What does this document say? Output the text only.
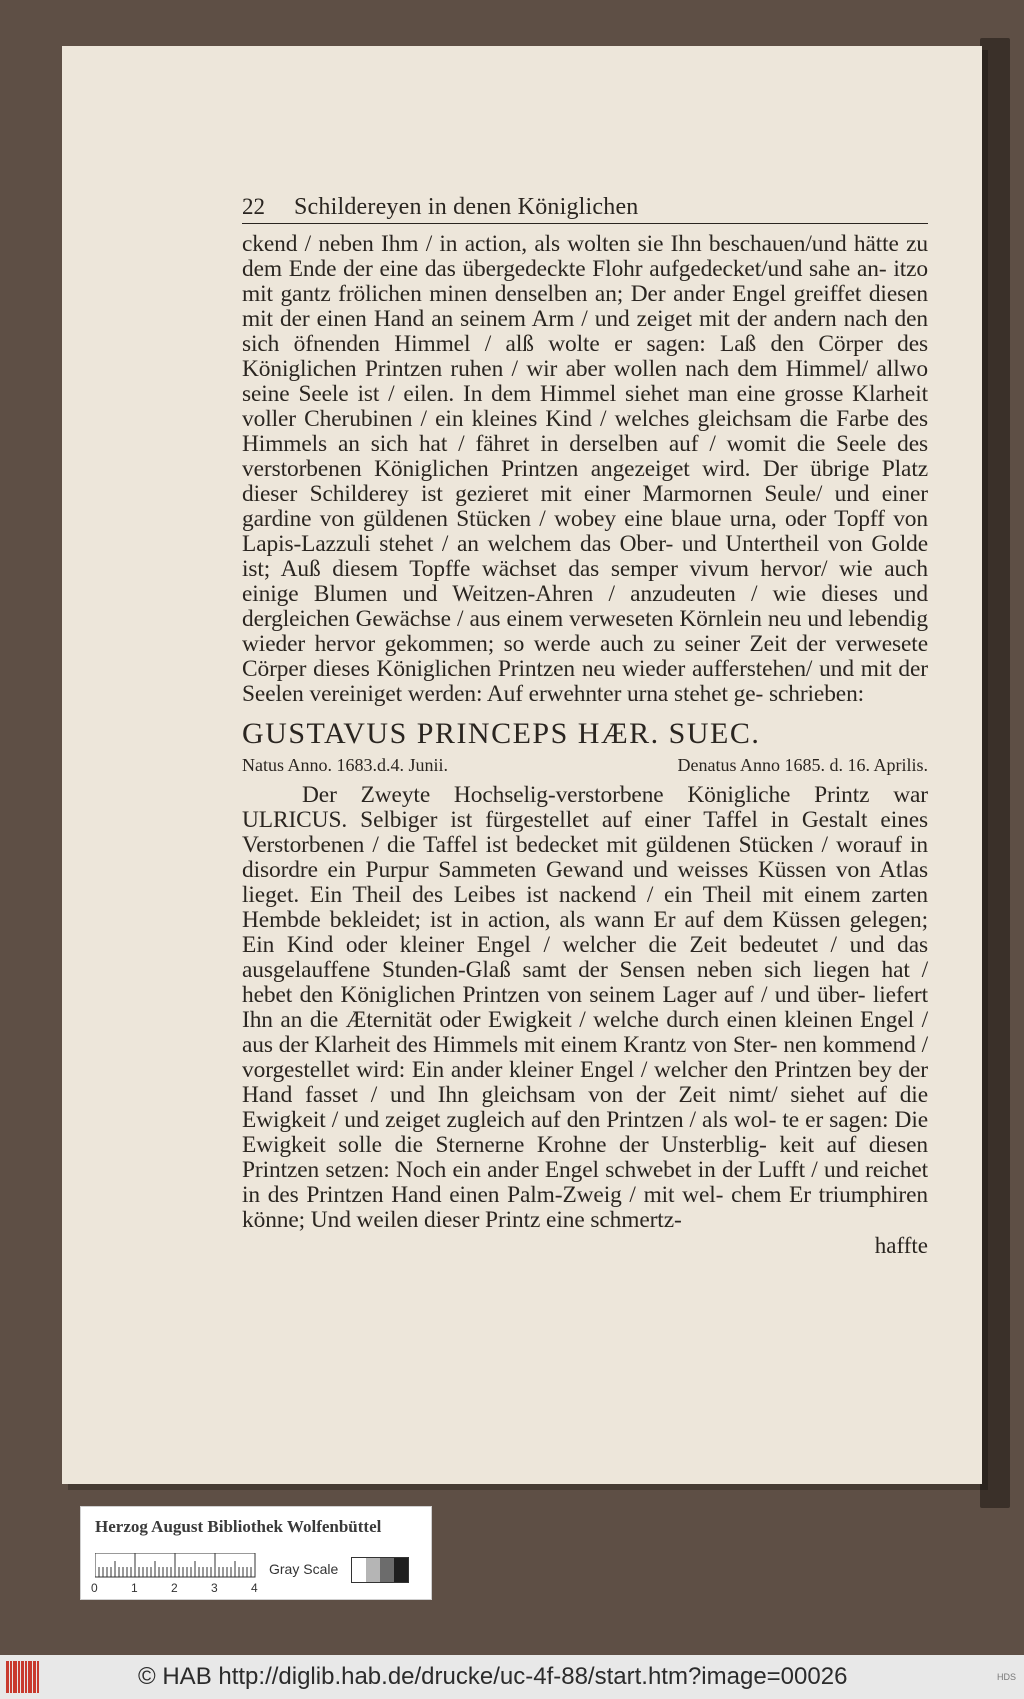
22	Schildereyen in denen Königlichen

ckend / neben Ihm / in action, als wolten sie Ihn beschauen/und hätte zu dem Ende der eine das übergedeckte Flohr aufgedecket/und sahe an- itzo mit gantz frölichen minen denselben an; Der ander Engel greiffet diesen mit der einen Hand an seinem Arm / und zeiget mit der andern nach den sich öfnenden Himmel / alß wolte er sagen: Laß den Cörper des Königlichen Printzen ruhen / wir aber wollen nach dem Himmel/ allwo seine Seele ist / eilen. In dem Himmel siehet man eine grosse Klarheit voller Cherubinen / ein kleines Kind / welches gleichsam die Farbe des Himmels an sich hat / fähret in derselben auf / womit die Seele des verstorbenen Königlichen Printzen angezeiget wird. Der übrige Platz dieser Schilderey ist gezieret mit einer Marmornen Seule/ und einer gardine von güldenen Stücken / wobey eine blaue urna, oder Topff von Lapis-Lazzuli stehet / an welchem das Ober- und Untertheil von Golde ist; Auß diesem Topffe wächset das semper vivum hervor/ wie auch einige Blumen und Weitzen-Ahren / anzudeuten / wie dieses und dergleichen Gewächse / aus einem verweseten Körnlein neu und lebendig wieder hervor gekommen; so werde auch zu seiner Zeit der verwesete Cörper dieses Königlichen Printzen neu wieder aufferstehen/ und mit der Seelen vereiniget werden: Auf erwehnter urna stehet ge- schrieben:

GUSTAVUS PRINCEPS HÆR. SUEC.
Natus Anno. 1683.d.4. Junii.	Denatus Anno 1685. d. 16. Aprilis.

Der Zweyte Hochselig-verstorbene Königliche Printz war ULRICUS. Selbiger ist fürgestellet auf einer Taffel in Gestalt eines Verstorbenen / die Taffel ist bedecket mit güldenen Stücken / worauf in disordre ein Purpur Sammeten Gewand und weisses Küssen von Atlas lieget. Ein Theil des Leibes ist nackend / ein Theil mit einem zarten Hembde bekleidet; ist in action, als wann Er auf dem Küssen gelegen; Ein Kind oder kleiner Engel / welcher die Zeit bedeutet / und das ausgelauffene Stunden-Glaß samt der Sensen neben sich liegen hat / hebet den Königlichen Printzen von seinem Lager auf / und über- liefert Ihn an die Æternität oder Ewigkeit / welche durch einen kleinen Engel / aus der Klarheit des Himmels mit einem Krantz von Ster- nen kommend / vorgestellet wird: Ein ander kleiner Engel / welcher den Printzen bey der Hand fasset / und Ihn gleichsam von der Zeit nimt/ siehet auf die Ewigkeit / und zeiget zugleich auf den Printzen / als wol- te er sagen: Die Ewigkeit solle die Sternerne Krohne der Unsterblig- keit auf diesen Printzen setzen: Noch ein ander Engel schwebet in der Lufft / und reichet in des Printzen Hand einen Palm-Zweig / mit wel- chem Er triumphiren könne; Und weilen dieser Printz eine schmertz-

haffte
Herzog August Bibliothek Wolfenbüttel
0	1	2	3	4
Gray Scale
© HAB http://diglib.hab.de/drucke/uc-4f-88/start.htm?image=00026	HDS
